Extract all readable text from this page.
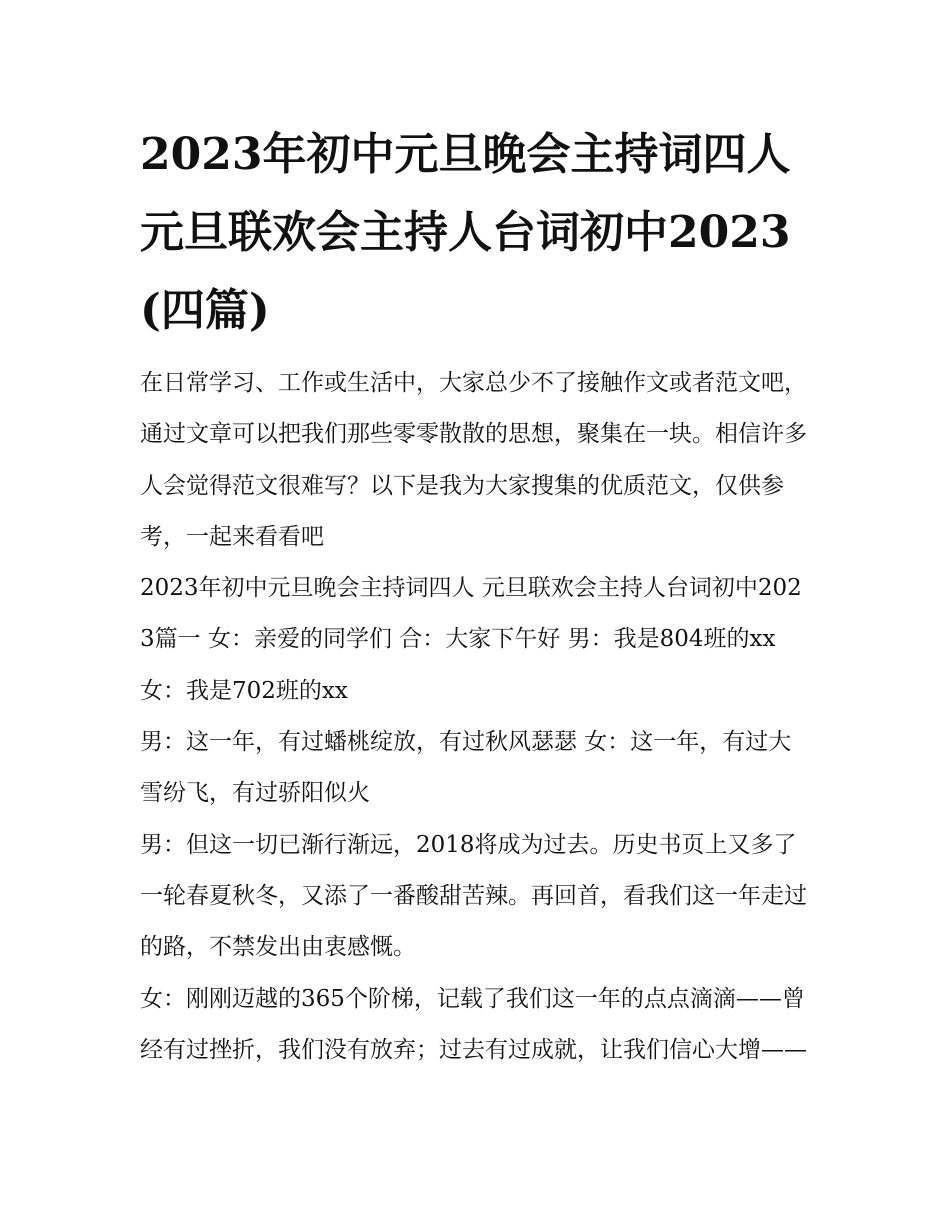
2023年初中元旦晚会主持词四人 元旦联欢会主持人台词初中2023(四篇)

在日常学习、工作或生活中，大家总少不了接触作文或者范文吧，通过文章可以把我们那些零零散散的思想，聚集在一块。相信许多人会觉得范文很难写？以下是我为大家搜集的优质范文，仅供参考，一起来看看吧

2023年初中元旦晚会主持词四人 元旦联欢会主持人台词初中2023篇一 女：亲爱的同学们 合：大家下午好 男：我是804班的xx 女：我是702班的xx

男：这一年，有过蟠桃绽放，有过秋风瑟瑟 女：这一年，有过大雪纷飞，有过骄阳似火

男：但这一切已渐行渐远，2018将成为过去。历史书页上又多了一轮春夏秋冬，又添了一番酸甜苦辣。再回首，看我们这一年走过的路，不禁发出由衷感慨。

女：刚刚迈越的365个阶梯，记载了我们这一年的点点滴滴——曾经有过挫折，我们没有放弃；过去有过成就，让我们信心大增——
